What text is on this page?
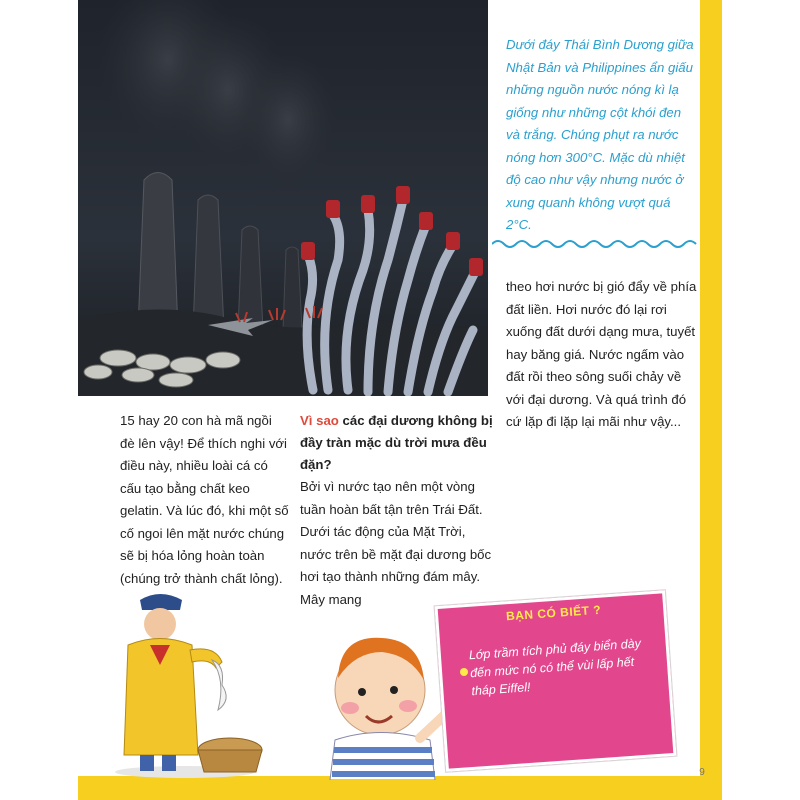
Dưới đáy Thái Bình Dương giữa Nhật Bản và Philippines ẩn giấu những nguồn nước nóng kì lạ giống như những cột khói đen và trắng. Chúng phụt ra nước nóng hơn 300°C. Mặc dù nhiệt độ cao như vậy nhưng nước ở xung quanh không vượt quá 2°C.

theo hơi nước bị gió đẩy về phía đất liền. Hơi nước đó lại rơi xuống đất dưới dạng mưa, tuyết hay băng giá. Nước ngấm vào đất rồi theo sông suối chảy về với đại dương. Và quá trình đó cứ lặp đi lặp lại mãi như vậy...

15 hay 20 con hà mã ngồi đè lên vậy! Để thích nghi với điều này, nhiều loài cá có cấu tạo bằng chất keo gelatin. Và lúc đó, khi một số cố ngoi lên mặt nước chúng sẽ bị hóa lỏng hoàn toàn (chúng trở thành chất lỏng).

Vì sao các đại dương không bị đầy tràn mặc dù trời mưa đều đặn?

Bởi vì nước tạo nên một vòng tuần hoàn bất tận trên Trái Đất. Dưới tác động của Mặt Trời, nước trên bề mặt đại dương bốc hơi tạo thành những đám mây. Mây mang

BẠN CÓ BIẾT ?

Lớp trầm tích phủ đáy biển dày đến mức nó có thể vùi lấp hết tháp Eiffel!

9
